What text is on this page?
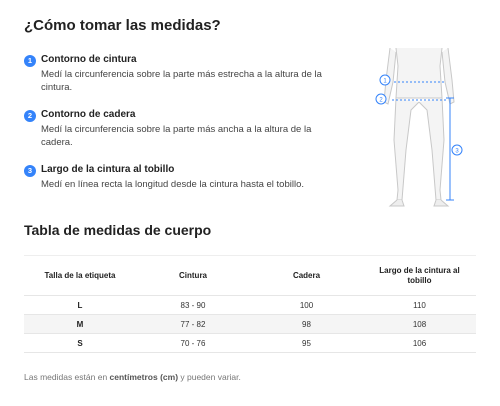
¿Cómo tomar las medidas?
1 Contorno de cintura
Medí la circunferencia sobre la parte más estrecha a la altura de la cintura.
2 Contorno de cadera
Medí la circunferencia sobre la parte más ancha a la altura de la cadera.
3 Largo de la cintura al tobillo
Medí en línea recta la longitud desde la cintura hasta el tobillo.
1
2
3
Tabla de medidas de cuerpo
Talla de la etiqueta	Cintura	Cadera	Largo de la cintura al tobillo
L	83 - 90	100	110
M	77 - 82	98	108
S	70 - 76	95	106
Las medidas están en centímetros (cm) y pueden variar.
